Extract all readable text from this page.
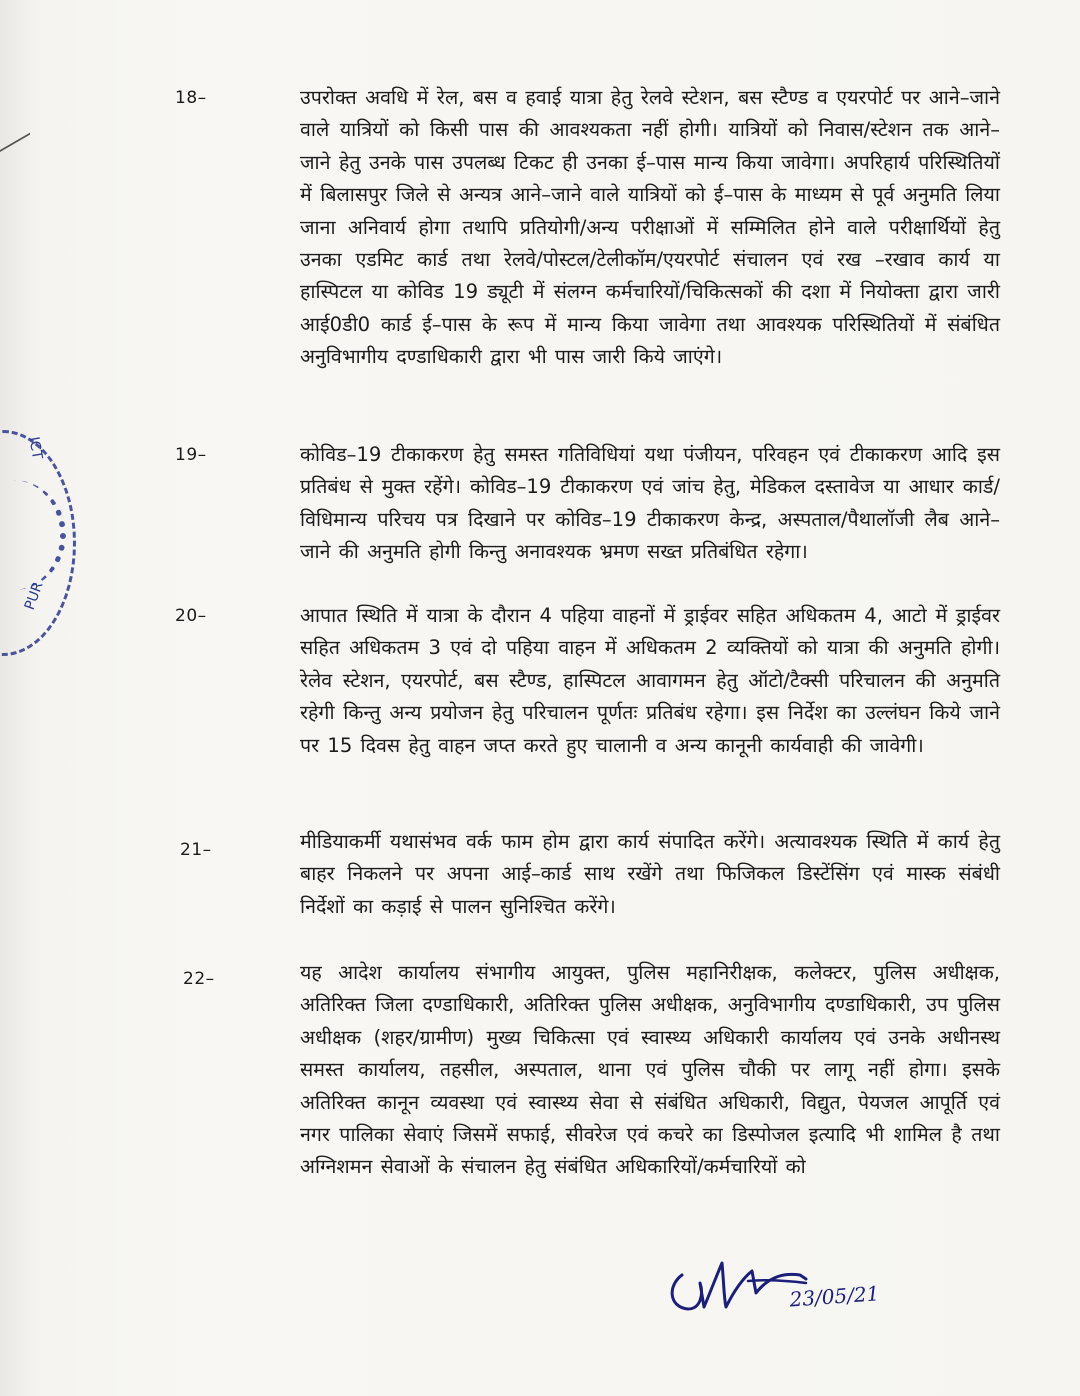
ICT
PUR
18–	उपरोक्त अवधि में रेल, बस व हवाई यात्रा हेतु रेलवे स्टेशन, बस स्टैण्ड व एयरपोर्ट पर आने–जाने वाले यात्रियों को किसी पास की आवश्यकता नहीं होगी। यात्रियों को निवास/स्टेशन तक आने–जाने हेतु उनके पास उपलब्ध टिकट ही उनका ई–पास मान्य किया जावेगा। अपरिहार्य परिस्थितियों में बिलासपुर जिले से अन्यत्र आने–जाने वाले यात्रियों को ई–पास के माध्यम से पूर्व अनुमति लिया जाना अनिवार्य होगा तथापि प्रतियोगी/अन्य परीक्षाओं में सम्मिलित होने वाले परीक्षार्थियों हेतु उनका एडमिट कार्ड तथा रेलवे/पोस्टल/टेलीकॉम/एयरपोर्ट संचालन एवं रख –रखाव कार्य या हास्पिटल या कोविड 19 ड्यूटी में संलग्न कर्मचारियों/चिकित्सकों की दशा में नियोक्ता द्वारा जारी आई0डी0 कार्ड ई–पास के रूप में मान्य किया जावेगा तथा आवश्यक परिस्थितियों में संबंधित अनुविभागीय दण्डाधिकारी द्वारा भी पास जारी किये जाएंगे।
19–	कोविड–19 टीकाकरण हेतु समस्त गतिविधियां यथा पंजीयन, परिवहन एवं टीकाकरण आदि इस प्रतिबंध से मुक्त रहेंगे। कोविड–19 टीकाकरण एवं जांच हेतु, मेडिकल दस्तावेज या आधार कार्ड/विधिमान्य परिचय पत्र दिखाने पर कोविड–19 टीकाकरण केन्द्र, अस्पताल/पैथालॉजी लैब आने–जाने की अनुमति होगी किन्तु अनावश्यक भ्रमण सख्त प्रतिबंधित रहेगा।
20–	आपात स्थिति में यात्रा के दौरान 4 पहिया वाहनों में ड्राईवर सहित अधिकतम 4, आटो में ड्राईवर सहित अधिकतम 3 एवं दो पहिया वाहन में अधिकतम 2 व्यक्तियों को यात्रा की अनुमति होगी। रेलेव स्टेशन, एयरपोर्ट, बस स्टैण्ड, हास्पिटल आवागमन हेतु ऑटो/टैक्सी परिचालन की अनुमति रहेगी किन्तु अन्य प्रयोजन हेतु परिचालन पूर्णतः प्रतिबंध रहेगा। इस निर्देश का उल्लंघन किये जाने पर 15 दिवस हेतु वाहन जप्त करते हुए चालानी व अन्य कानूनी कार्यवाही की जावेगी।
21–	मीडियाकर्मी यथासंभव वर्क फाम होम द्वारा कार्य संपादित करेंगे। अत्यावश्यक स्थिति में कार्य हेतु बाहर निकलने पर अपना आई–कार्ड साथ रखेंगे तथा फिजिकल डिस्टेंसिंग एवं मास्क संबंधी निर्देशों का कड़ाई से पालन सुनिश्चित करेंगे।
22–	यह आदेश कार्यालय संभागीय आयुक्त, पुलिस महानिरीक्षक, कलेक्टर, पुलिस अधीक्षक, अतिरिक्त जिला दण्डाधिकारी, अतिरिक्त पुलिस अधीक्षक, अनुविभागीय दण्डाधिकारी, उप पुलिस अधीक्षक (शहर/ग्रामीण) मुख्य चिकित्सा एवं स्वास्थ्य अधिकारी कार्यालय एवं उनके अधीनस्थ समस्त कार्यालय, तहसील, अस्पताल, थाना एवं पुलिस चौकी पर लागू नहीं होगा। इसके अतिरिक्त कानून व्यवस्था एवं स्वास्थ्य सेवा से संबंधित अधिकारी, विद्युत, पेयजल आपूर्ति एवं नगर पालिका सेवाएं जिसमें सफाई, सीवरेज एवं कचरे का डिस्पोजल इत्यादि भी शामिल है तथा अग्निशमन सेवाओं के संचालन हेतु संबंधित अधिकारियों/कर्मचारियों को
23/05/21
